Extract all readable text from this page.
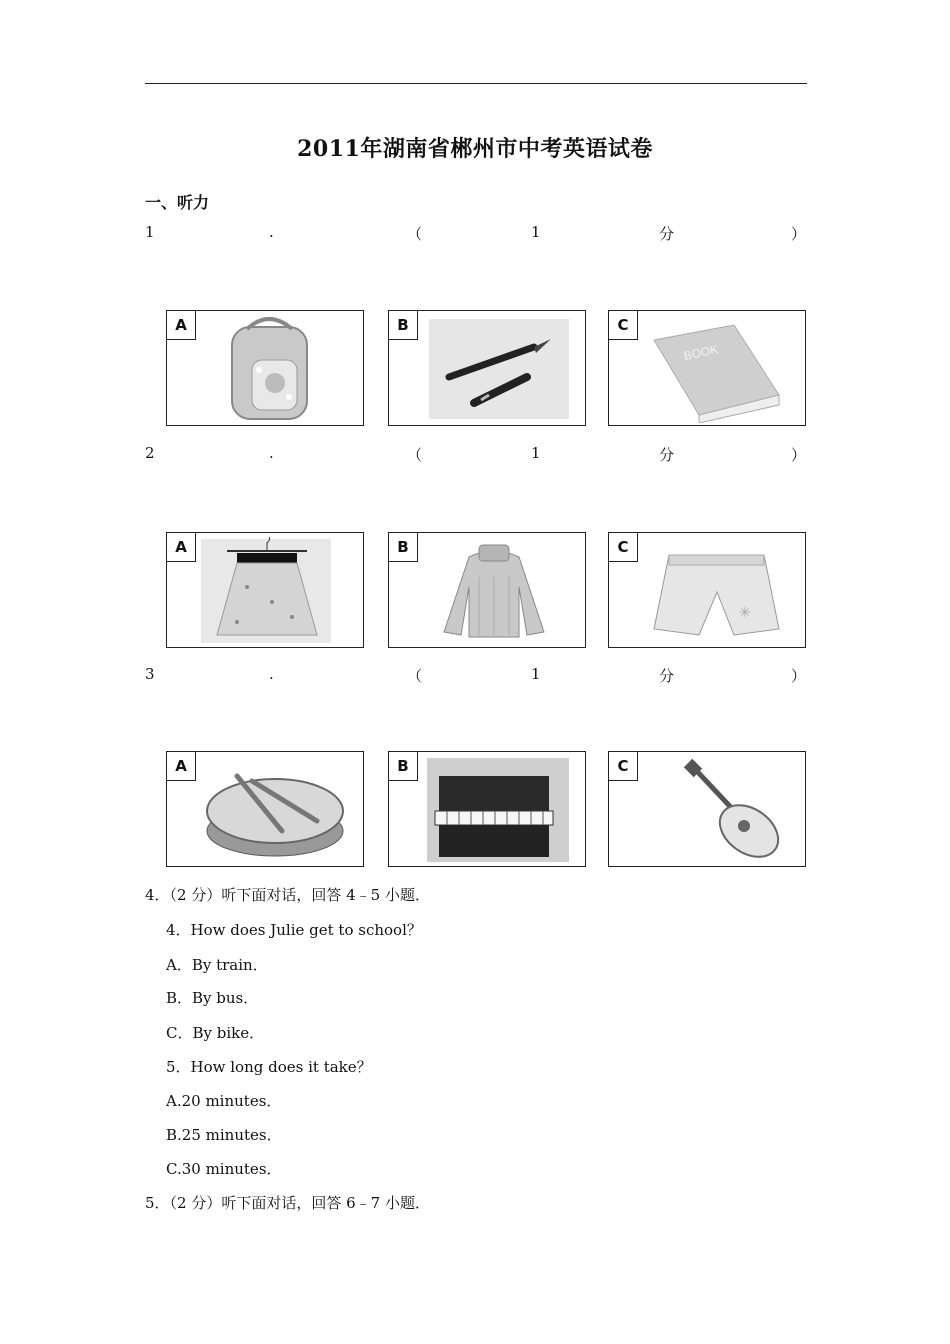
2011年湖南省郴州市中考英语试卷
一、听力
1	.	（	1	分	）
A	B	C
BOOK
2	.	（	1	分	）
A	B	C
✳
3	.	（	1	分	）
A	B	C
4．（2 分）听下面对话，回答 4﹣5 小题．
4．How does Julie get to school？
A．By train．
B．By bus．
C．By bike．
5．How long does it take？
A.20 minutes．
B.25 minutes．
C.30 minutes．
5．（2 分）听下面对话，回答 6﹣7 小题．
